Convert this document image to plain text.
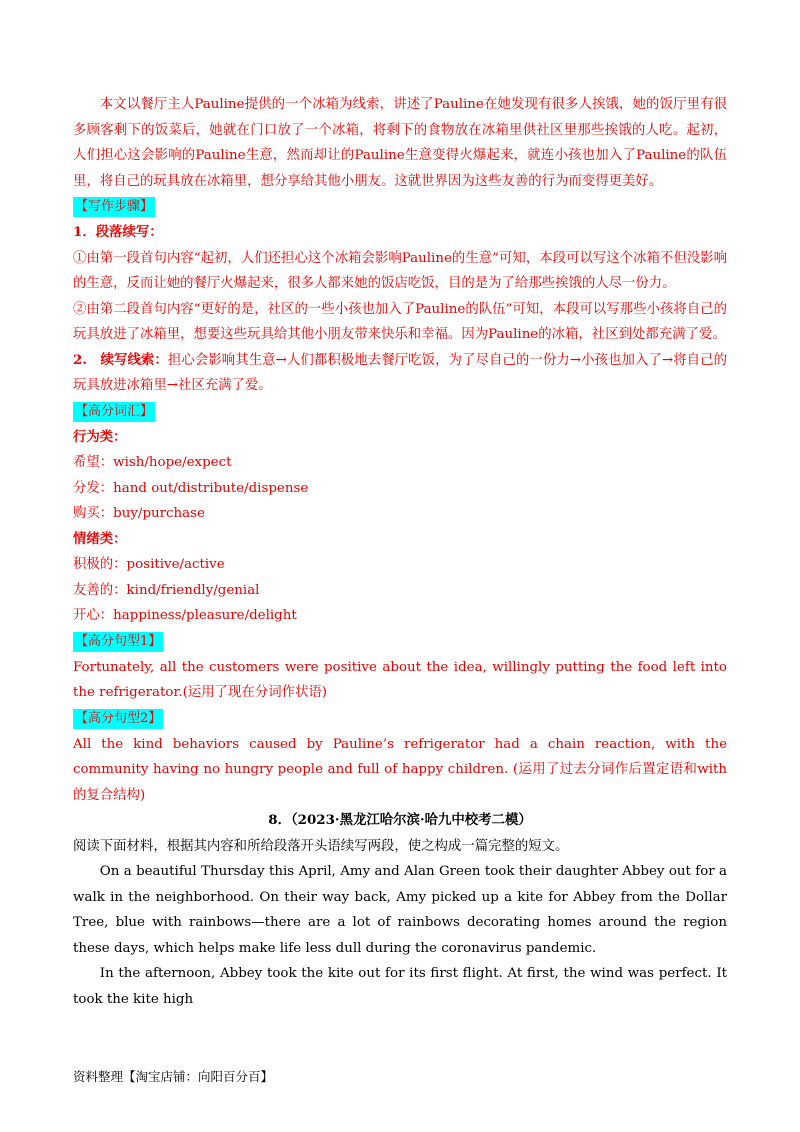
本文以餐厅主人Pauline提供的一个冰箱为线索，讲述了Pauline在她发现有很多人挨饿，她的饭厅里有很多顾客剩下的饭菜后，她就在门口放了一个冰箱，将剩下的食物放在冰箱里供社区里那些挨饿的人吃。起初，人们担心这会影响的Pauline生意，然而却让的Pauline生意变得火爆起来，就连小孩也加入了Pauline的队伍里，将自己的玩具放在冰箱里，想分享给其他小朋友。这就世界因为这些友善的行为而变得更美好。

【写作步骤】

1．段落续写：

①由第一段首句内容“起初，人们还担心这个冰箱会影响Pauline的生意”可知，本段可以写这个冰箱不但没影响的生意，反而让她的餐厅火爆起来，很多人都来她的饭店吃饭，目的是为了给那些挨饿的人尽一份力。

②由第二段首句内容“更好的是，社区的一些小孩也加入了Pauline的队伍”可知，本段可以写那些小孩将自己的玩具放进了冰箱里，想要这些玩具给其他小朋友带来快乐和幸福。因为Pauline的冰箱，社区到处都充满了爱。

2.　续写线索：担心会影响其生意→人们都积极地去餐厅吃饭，为了尽自己的一份力→小孩也加入了→将自己的玩具放进冰箱里→社区充满了爱。

【高分词汇】

行为类：

希望：wish/hope/expect

分发：hand out/distribute/dispense

购买：buy/purchase

情绪类：

积极的：positive/active

友善的：kind/friendly/genial

开心：happiness/pleasure/delight

【高分句型1】

Fortunately, all the customers were positive about the idea, willingly putting the food left into the refrigerator.(运用了现在分词作状语)

【高分句型2】

All the kind behaviors caused by Pauline’s refrigerator had a chain reaction, with the community having no hungry people and full of happy children. (运用了过去分词作后置定语和with的复合结构)

8．（2023·黑龙江哈尔滨·哈九中校考二模）

阅读下面材料，根据其内容和所给段落开头语续写两段，使之构成一篇完整的短文。

On a beautiful Thursday this April, Amy and Alan Green took their daughter Abbey out for a walk in the neighborhood. On their way back, Amy picked up a kite for Abbey from the Dollar Tree, blue with rainbows—there are a lot of rainbows decorating homes around the region these days, which helps make life less dull during the coronavirus pandemic.

In the afternoon, Abbey took the kite out for its first flight. At first, the wind was perfect. It took the kite high

资料整理【淘宝店铺：向阳百分百】
